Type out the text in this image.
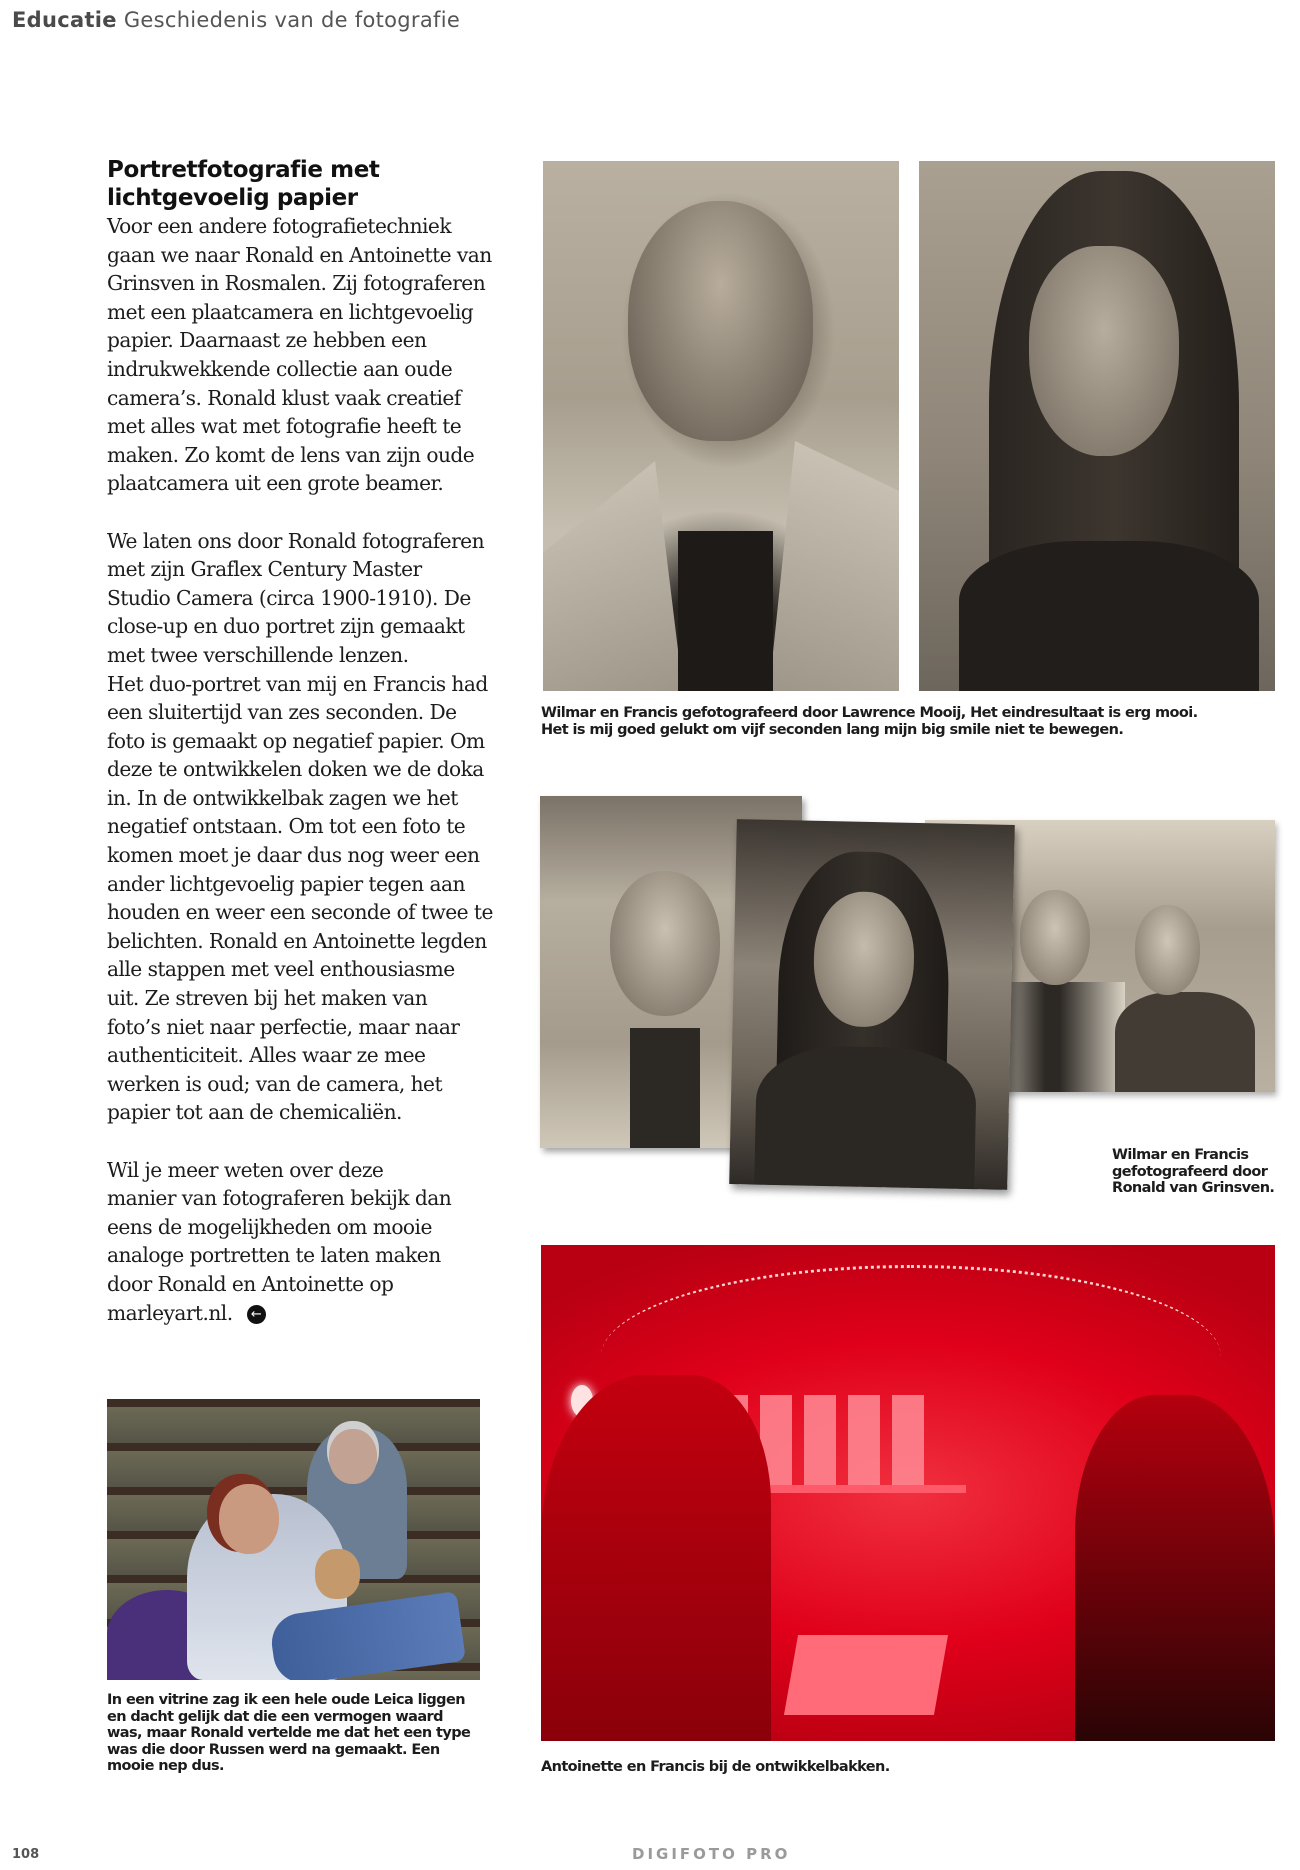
Educatie Geschiedenis van de fotografie
Portretfotografie met
lichtgevoelig papier

Voor een andere fotografietechniek
gaan we naar Ronald en Antoinette van
Grinsven in Rosmalen. Zij fotograferen
met een plaatcamera en lichtgevoelig
papier. Daarnaast ze hebben een
indrukwekkende collectie aan oude
camera’s. Ronald klust vaak creatief
met alles wat met fotografie heeft te
maken. Zo komt de lens van zijn oude
plaatcamera uit een grote beamer.

We laten ons door Ronald fotograferen
met zijn Graflex Century Master
Studio Camera (circa 1900-1910). De
close-up en duo portret zijn gemaakt
met twee verschillende lenzen.
Het duo-portret van mij en Francis had
een sluitertijd van zes seconden. De
foto is gemaakt op negatief papier. Om
deze te ontwikkelen doken we de doka
in. In de ontwikkelbak zagen we het
negatief ontstaan. Om tot een foto te
komen moet je daar dus nog weer een
ander lichtgevoelig papier tegen aan
houden en weer een seconde of twee te
belichten. Ronald en Antoinette legden
alle stappen met veel enthousiasme
uit. Ze streven bij het maken van
foto’s niet naar perfectie, maar naar
authenticiteit. Alles waar ze mee
werken is oud; van de camera, het
papier tot aan de chemicaliën.

Wil je meer weten over deze
manier van fotograferen bekijk dan
eens de mogelijkheden om mooie
analoge portretten te laten maken
door Ronald en Antoinette op
marleyart.nl. ←

Wilmar en Francis gefotografeerd door Lawrence Mooij, Het eindresultaat is erg mooi.
Het is mij goed gelukt om vijf seconden lang mijn big smile niet te bewegen.
Wilmar en Francis
gefotografeerd door
Ronald van Grinsven.
Antoinette en Francis bij de ontwikkelbakken.
In een vitrine zag ik een hele oude Leica liggen
en dacht gelijk dat die een vermogen waard
was, maar Ronald vertelde me dat het een type
was die door Russen werd na gemaakt. Een
mooie nep dus.
108	DIGIFOTO PRO
